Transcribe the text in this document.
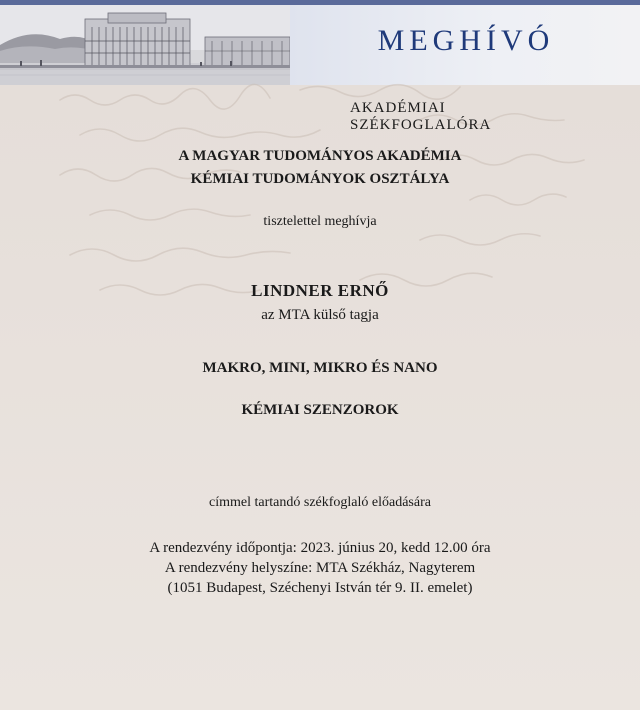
MEGHÍVÓ
AKADÉMIAI SZÉKFOGLALÓRA
A MAGYAR TUDOMÁNYOS AKADÉMIA
KÉMIAI TUDOMÁNYOK OSZTÁLYA
tisztelettel meghívja
LINDNER ERNŐ
az MTA külső tagja
MAKRO, MINI, MIKRO ÉS NANO
KÉMIAI SZENZOROK
címmel tartandó székfoglaló előadására
A rendezvény időpontja: 2023. június 20, kedd 12.00 óra
A rendezvény helyszíne: MTA Székház, Nagyterem
(1051 Budapest, Széchenyi István tér 9. II. emelet)
